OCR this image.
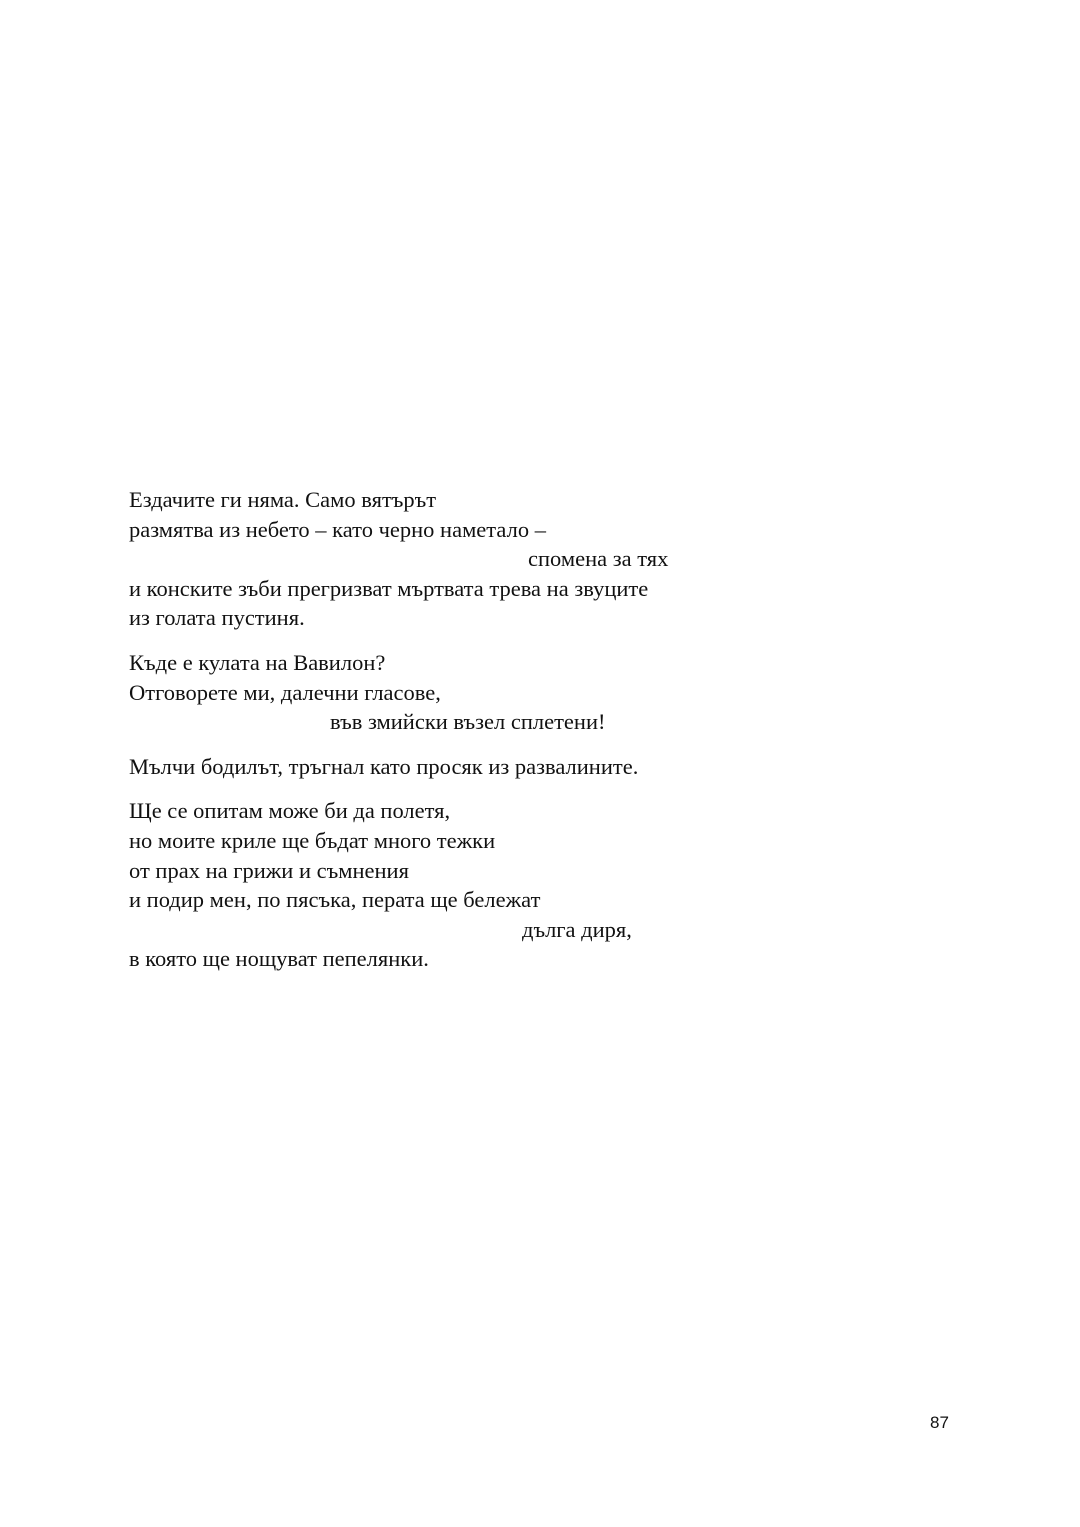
Ездачите ги няма. Само вятърът
размятва из небето – като черно наметало –
спомена за тях
и конските зъби прегризват мъртвата трева на звуците
из голата пустиня.
Къде е кулата на Вавилон?
Отговорете ми, далечни гласове,
във змийски възел сплетени!
Мълчи бодилът, тръгнал като просяк из развалините.
Ще се опитам може би да полетя,
но моите криле ще бъдат много тежки
от прах на грижи и съмнения
и подир мен, по пясъка, перата ще бележат
дълга диря,
в която ще нощуват пепелянки.
87
